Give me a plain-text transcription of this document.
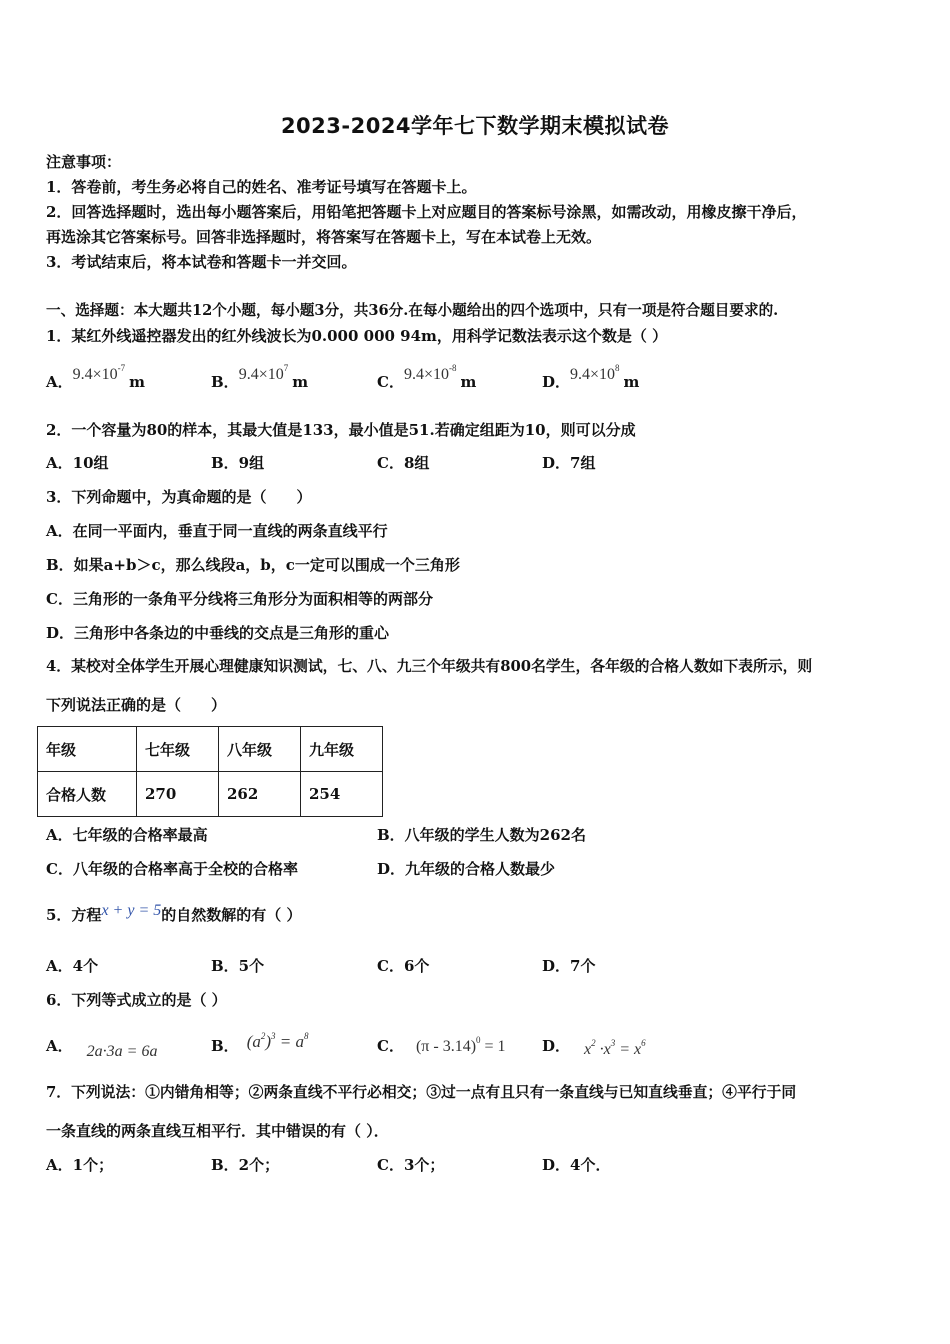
2023-2024学年七下数学期末模拟试卷
注意事项：
1．答卷前，考生务必将自己的姓名、准考证号填写在答题卡上。
2．回答选择题时，选出每小题答案后，用铅笔把答题卡上对应题目的答案标号涂黑，如需改动，用橡皮擦干净后，
再选涂其它答案标号。回答非选择题时，将答案写在答题卡上，写在本试卷上无效。
3．考试结束后，将本试卷和答题卡一并交回。
一、选择题：本大题共12个小题，每小题3分，共36分.在每小题给出的四个选项中，只有一项是符合题目要求的.
1．某红外线遥控器发出的红外线波长为0.000 000 94m，用科学记数法表示这个数是（ ）
A．$9.4\times 10^{-7}m$	B．$9.4\times 10^7m$	C．$9.4\times 10^{-8}m$	D．$9.4\times 10^8m$
2．一个容量为80的样本，其最大值是133，最小值是51.若确定组距为10，则可以分成
A．10组	B．9组	C．8组	D．7组
3．下列命题中，为真命题的是（　　）
A．在同一平面内，垂直于同一直线的两条直线平行
B．如果a+b＞c，那么线段a，b，c一定可以围成一个三角形
C．三角形的一条角平分线将三角形分为面积相等的两部分
D．三角形中各条边的中垂线的交点是三角形的重心
4．某校对全体学生开展心理健康知识测试，七、八、九三个年级共有800名学生，各年级的合格人数如下表所示，则
下列说法正确的是（　　）
年级	七年级	八年级	九年级
合格人数	270	262	254
A．七年级的合格率最高	B．八年级的学生人数为262名
C．八年级的合格率高于全校的合格率	D．九年级的合格人数最少
5．方程x + y = 5的自然数解的有（ ）
A．4个	B．5个	C．6个	D．7个
6．下列等式成立的是（ ）
A． 2a·3a = 6a	B． $(a^2)^3 = a^8$
C． (π - 3.14)$^0$ = 1 D． $x^2 \cdot x^3 = x^6$
7．下列说法：①内错角相等；②两条直线不平行必相交；③过一点有且只有一条直线与已知直线垂直；④平行于同
一条直线的两条直线互相平行．其中错误的有（ ）．
A．1个；	B．2个；	C．3个；	D．4个．
